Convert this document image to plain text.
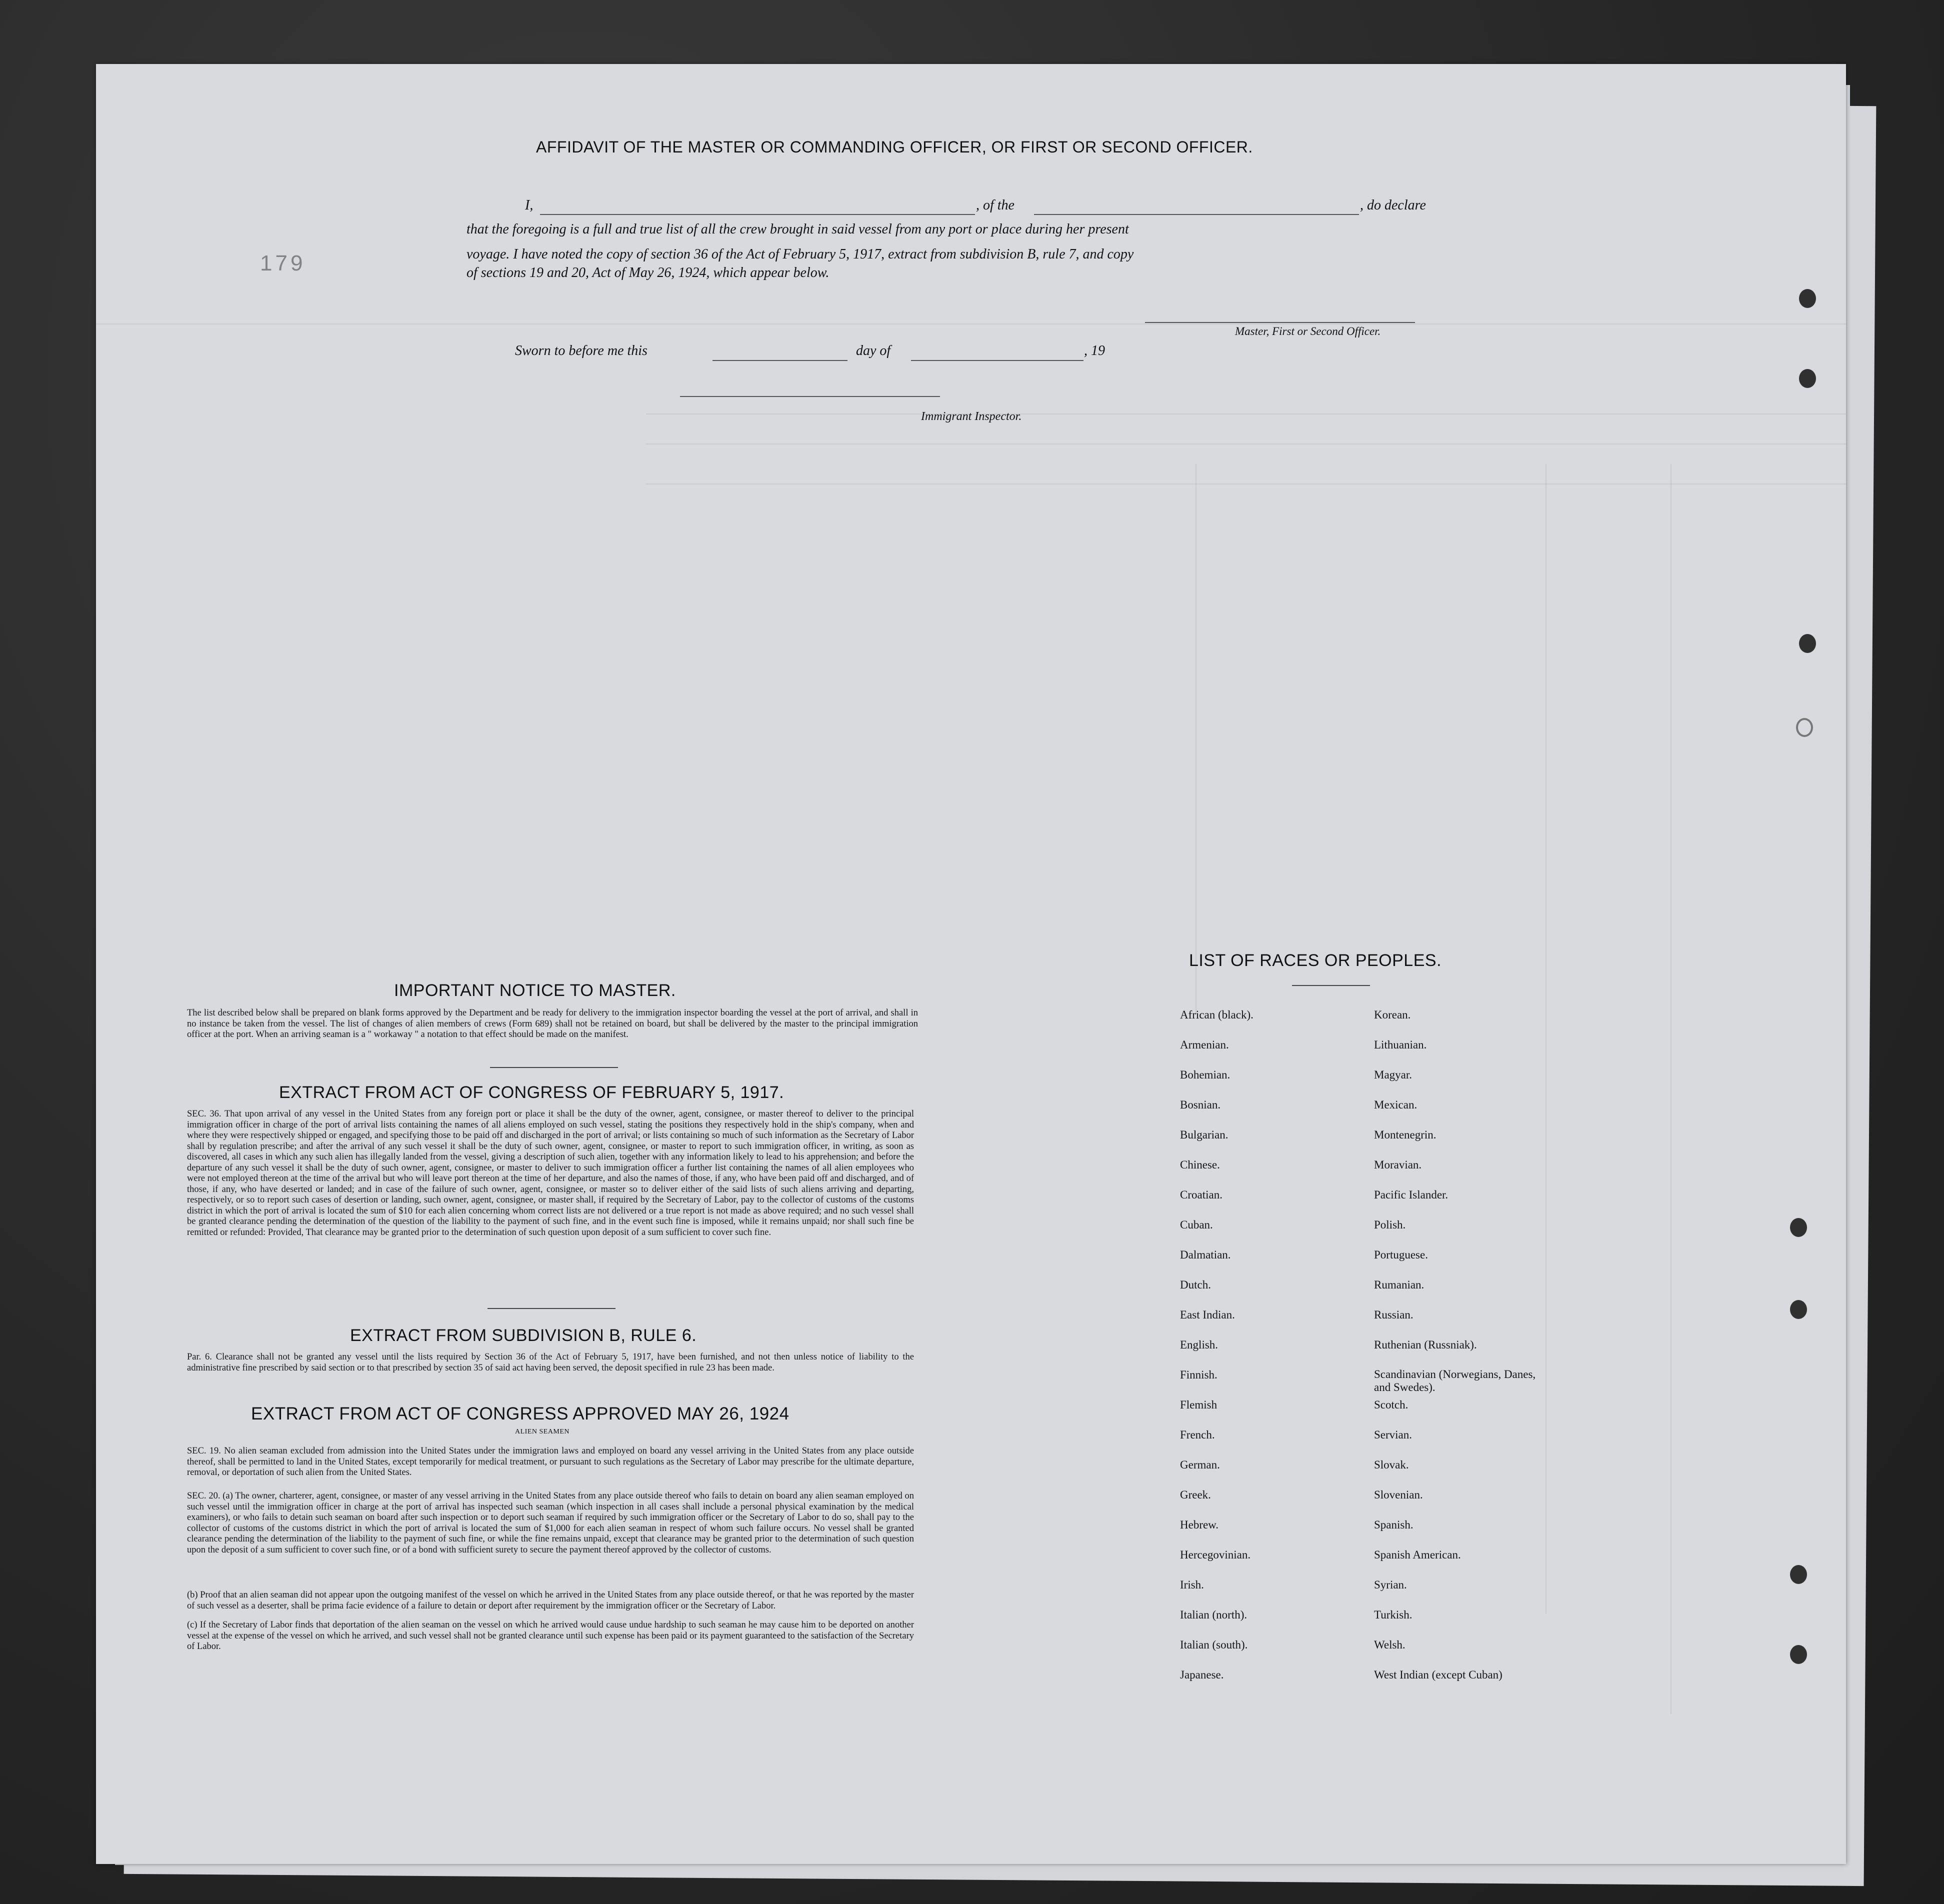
179
AFFIDAVIT OF THE MASTER OR COMMANDING OFFICER, OR FIRST OR SECOND OFFICER.
I,	, of the	, do declare
that the foregoing is a full and true list of all the crew brought in said vessel from any port or place during her present
voyage. I have noted the copy of section 36 of the Act of February 5, 1917, extract from subdivision B, rule 7, and copy
of sections 19 and 20, Act of May 26, 1924, which appear below.
Master, First or Second Officer.
Sworn to before me this	day of	, 19
Immigrant Inspector.
IMPORTANT NOTICE TO MASTER.
The list described below shall be prepared on blank forms approved by the Department and be ready for delivery to the immigration inspector boarding the vessel at the port of arrival, and shall in no instance be taken from the vessel. The list of changes of alien members of crews (Form 689) shall not be retained on board, but shall be delivered by the master to the principal immigration officer at the port. When an arriving seaman is a " workaway " a notation to that effect should be made on the manifest.
EXTRACT FROM ACT OF CONGRESS OF FEBRUARY 5, 1917.
SEC. 36. That upon arrival of any vessel in the United States from any foreign port or place it shall be the duty of the owner, agent, consignee, or master thereof to deliver to the principal immigration officer in charge of the port of arrival lists containing the names of all aliens employed on such vessel, stating the positions they respectively hold in the ship's company, when and where they were respectively shipped or engaged, and specifying those to be paid off and discharged in the port of arrival; or lists containing so much of such information as the Secretary of Labor shall by regulation prescribe; and after the arrival of any such vessel it shall be the duty of such owner, agent, consignee, or master to report to such immigration officer, in writing, as soon as discovered, all cases in which any such alien has illegally landed from the vessel, giving a description of such alien, together with any information likely to lead to his apprehension; and before the departure of any such vessel it shall be the duty of such owner, agent, consignee, or master to deliver to such immigration officer a further list containing the names of all alien employees who were not employed thereon at the time of the arrival but who will leave port thereon at the time of her departure, and also the names of those, if any, who have been paid off and discharged, and of those, if any, who have deserted or landed; and in case of the failure of such owner, agent, consignee, or master so to deliver either of the said lists of such aliens arriving and departing, respectively, or so to report such cases of desertion or landing, such owner, agent, consignee, or master shall, if required by the Secretary of Labor, pay to the collector of customs of the customs district in which the port of arrival is located the sum of $10 for each alien concerning whom correct lists are not delivered or a true report is not made as above required; and no such vessel shall be granted clearance pending the determination of the question of the liability to the payment of such fine, and in the event such fine is imposed, while it remains unpaid; nor shall such fine be remitted or refunded: Provided, That clearance may be granted prior to the determination of such question upon deposit of a sum sufficient to cover such fine.
EXTRACT FROM SUBDIVISION B, RULE 6.
Par. 6. Clearance shall not be granted any vessel until the lists required by Section 36 of the Act of February 5, 1917, have been furnished, and not then unless notice of liability to the administrative fine prescribed by said section or to that prescribed by section 35 of said act having been served, the deposit specified in rule 23 has been made.
EXTRACT FROM ACT OF CONGRESS APPROVED MAY 26, 1924
ALIEN SEAMEN
SEC. 19. No alien seaman excluded from admission into the United States under the immigration laws and employed on board any vessel arriving in the United States from any place outside thereof, shall be permitted to land in the United States, except temporarily for medical treatment, or pursuant to such regulations as the Secretary of Labor may prescribe for the ultimate departure, removal, or deportation of such alien from the United States.
SEC. 20. (a) The owner, charterer, agent, consignee, or master of any vessel arriving in the United States from any place outside thereof who fails to detain on board any alien seaman employed on such vessel until the immigration officer in charge at the port of arrival has inspected such seaman (which inspection in all cases shall include a personal physical examination by the medical examiners), or who fails to detain such seaman on board after such inspection or to deport such seaman if required by such immigration officer or the Secretary of Labor to do so, shall pay to the collector of customs of the customs district in which the port of arrival is located the sum of $1,000 for each alien seaman in respect of whom such failure occurs. No vessel shall be granted clearance pending the determination of the liability to the payment of such fine, or while the fine remains unpaid, except that clearance may be granted prior to the determination of such question upon the deposit of a sum sufficient to cover such fine, or of a bond with sufficient surety to secure the payment thereof approved by the collector of customs.
(b) Proof that an alien seaman did not appear upon the outgoing manifest of the vessel on which he arrived in the United States from any place outside thereof, or that he was reported by the master of such vessel as a deserter, shall be prima facie evidence of a failure to detain or deport after requirement by the immigration officer or the Secretary of Labor.
(c) If the Secretary of Labor finds that deportation of the alien seaman on the vessel on which he arrived would cause undue hardship to such seaman he may cause him to be deported on another vessel at the expense of the vessel on which he arrived, and such vessel shall not be granted clearance until such expense has been paid or its payment guaranteed to the satisfaction of the Secretary of Labor.
LIST OF RACES OR PEOPLES.
African (black).
Armenian.
Bohemian.
Bosnian.
Bulgarian.
Chinese.
Croatian.
Cuban.
Dalmatian.
Dutch.
East Indian.
English.
Finnish.
Flemish
French.
German.
Greek.
Hebrew.
Hercegovinian.
Irish.
Italian (north).
Italian (south).
Japanese.
Korean.
Lithuanian.
Magyar.
Mexican.
Montenegrin.
Moravian.
Pacific Islander.
Polish.
Portuguese.
Rumanian.
Russian.
Ruthenian (Russniak).
Scandinavian (Norwegians, Danes, and Swedes).
Scotch.
Servian.
Slovak.
Slovenian.
Spanish.
Spanish American.
Syrian.
Turkish.
Welsh.
West Indian (except Cuban)
